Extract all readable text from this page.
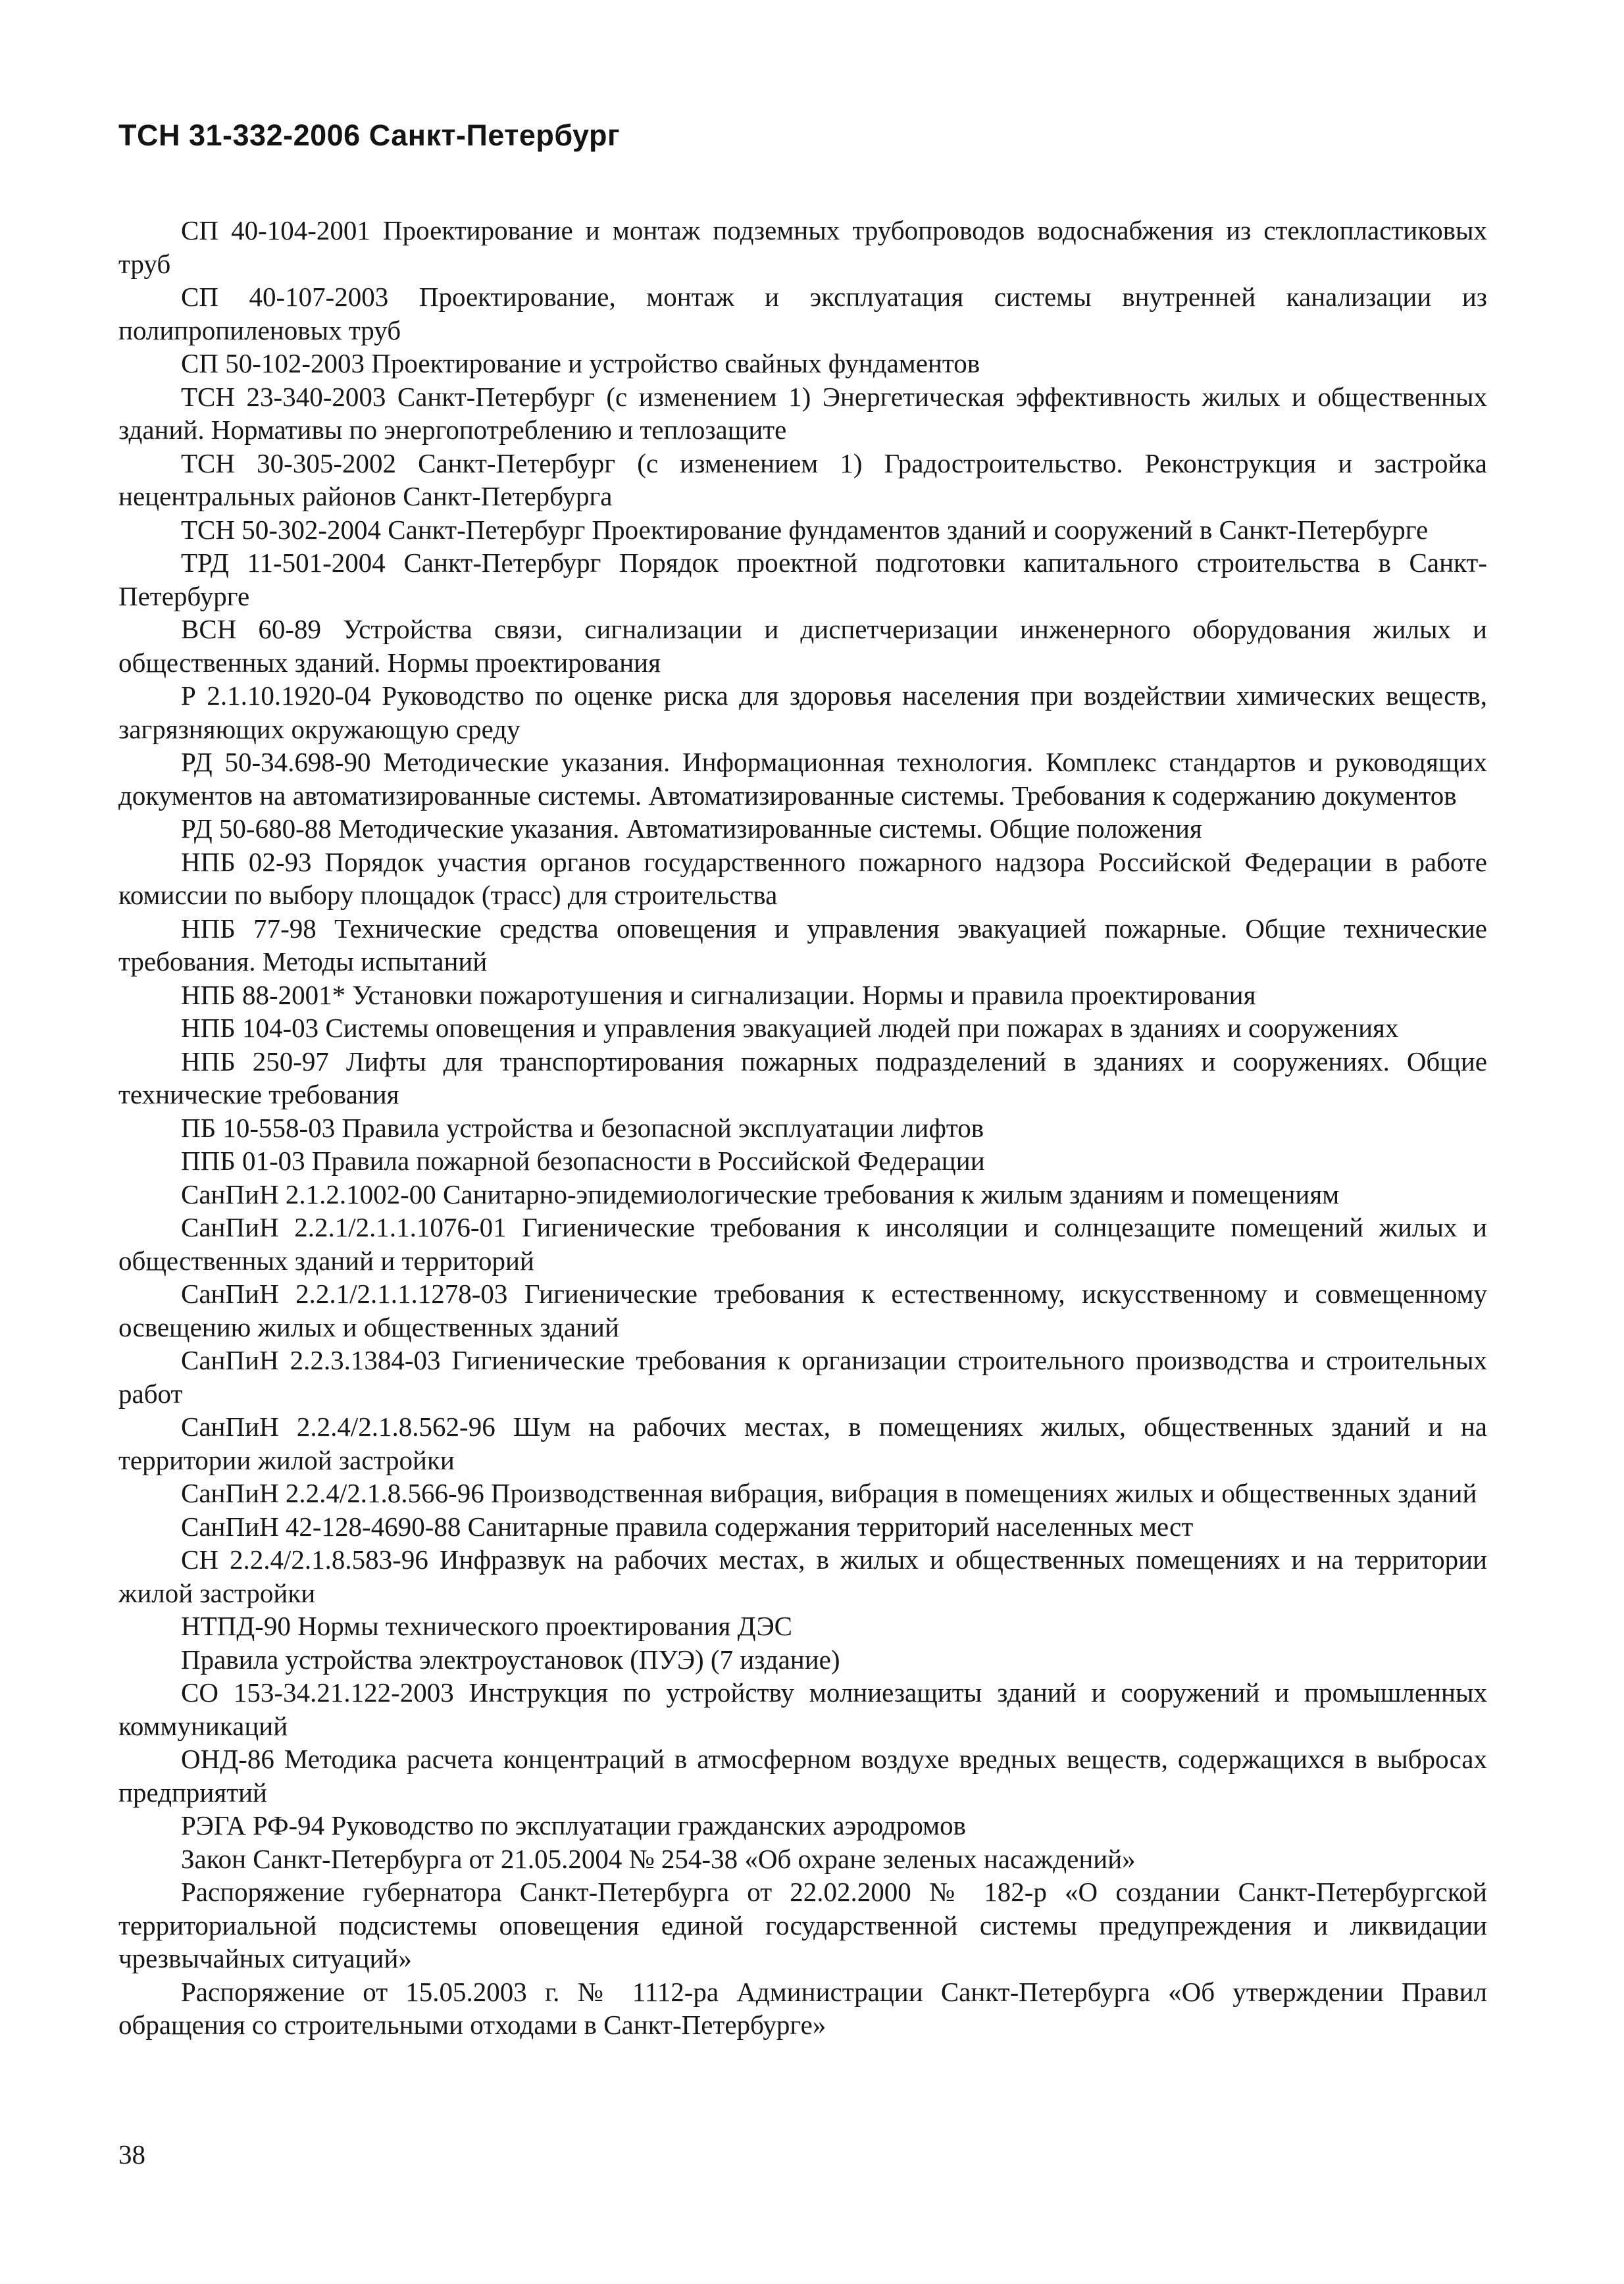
ТСН 31-332-2006 Санкт-Петербург

СП 40-104-2001 Проектирование и монтаж подземных трубопроводов водоснабжения из стеклопластиковых труб

СП 40-107-2003 Проектирование, монтаж и эксплуатация системы внутренней канализации из полипропиленовых труб

СП 50-102-2003 Проектирование и устройство свайных фундаментов

ТСН 23-340-2003 Санкт-Петербург (с изменением 1) Энергетическая эффективность жилых и общественных зданий. Нормативы по энергопотреблению и теплозащите

ТСН 30-305-2002 Санкт-Петербург (с изменением 1) Градостроительство. Реконструкция и застройка нецентральных районов Санкт-Петербурга

ТСН 50-302-2004 Санкт-Петербург Проектирование фундаментов зданий и сооружений в Санкт-Петербурге

ТРД 11-501-2004 Санкт-Петербург Порядок проектной подготовки капитального строительства в Санкт-Петербурге

ВСН 60-89 Устройства связи, сигнализации и диспетчеризации инженерного оборудования жилых и общественных зданий. Нормы проектирования

Р 2.1.10.1920-04 Руководство по оценке риска для здоровья населения при воздействии химических веществ, загрязняющих окружающую среду

РД 50-34.698-90 Методические указания. Информационная технология. Комплекс стандартов и руководящих документов на автоматизированные системы. Автоматизированные системы. Требования к содержанию документов

РД 50-680-88 Методические указания. Автоматизированные системы. Общие положения

НПБ 02-93 Порядок участия органов государственного пожарного надзора Российской Федерации в работе комиссии по выбору площадок (трасс) для строительства

НПБ 77-98 Технические средства оповещения и управления эвакуацией пожарные. Общие технические требования. Методы испытаний

НПБ 88-2001* Установки пожаротушения и сигнализации. Нормы и правила проектирования

НПБ 104-03 Системы оповещения и управления эвакуацией людей при пожарах в зданиях и сооружениях

НПБ 250-97 Лифты для транспортирования пожарных подразделений в зданиях и сооружениях. Общие технические требования

ПБ 10-558-03 Правила устройства и безопасной эксплуатации лифтов

ППБ 01-03 Правила пожарной безопасности в Российской Федерации

СанПиН 2.1.2.1002-00 Санитарно-эпидемиологические требования к жилым зданиям и помещениям

СанПиН 2.2.1/2.1.1.1076-01 Гигиенические требования к инсоляции и солнцезащите помещений жилых и общественных зданий и территорий

СанПиН 2.2.1/2.1.1.1278-03 Гигиенические требования к естественному, искусственному и совмещенному освещению жилых и общественных зданий

СанПиН 2.2.3.1384-03 Гигиенические требования к организации строительного производства и строительных работ

СанПиН 2.2.4/2.1.8.562-96 Шум на рабочих местах, в помещениях жилых, общественных зданий и на территории жилой застройки

СанПиН 2.2.4/2.1.8.566-96 Производственная вибрация, вибрация в помещениях жилых и общественных зданий

СанПиН 42-128-4690-88 Санитарные правила содержания территорий населенных мест

СН 2.2.4/2.1.8.583-96 Инфразвук на рабочих местах, в жилых и общественных помещениях и на территории жилой застройки

НТПД-90 Нормы технического проектирования ДЭС

Правила устройства электроустановок (ПУЭ) (7 издание)

СО 153-34.21.122-2003 Инструкция по устройству молниезащиты зданий и сооружений и промышленных коммуникаций

ОНД-86 Методика расчета концентраций в атмосферном воздухе вредных веществ, содержащихся в выбросах предприятий

РЭГА РФ-94 Руководство по эксплуатации гражданских аэродромов

Закон Санкт-Петербурга от 21.05.2004 № 254-38 «Об охране зеленых насаждений»

Распоряжение губернатора Санкт-Петербурга от 22.02.2000 № 182-р «О создании Санкт-Петербургской территориальной подсистемы оповещения единой государственной системы предупреждения и ликвидации чрезвычайных ситуаций»

Распоряжение от 15.05.2003 г. № 1112-ра Администрации Санкт-Петербурга «Об утверждении Правил обращения со строительными отходами в Санкт-Петербурге»

38
